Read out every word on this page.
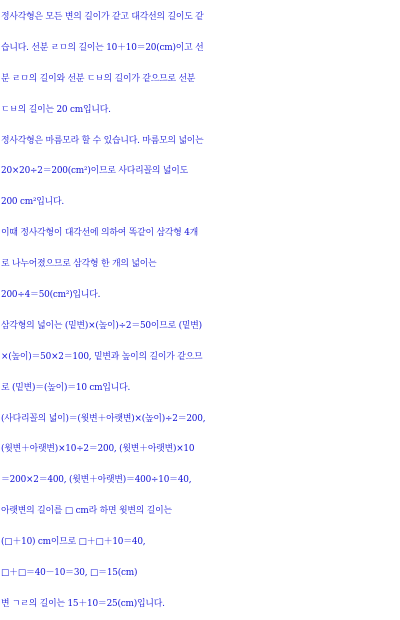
정사각형은 모든 변의 길이가 같고 대각선의 길이도 같
습니다. 선분 ㄹㅁ의 길이는 10＋10＝20(cm)이고 선
분 ㄹㅁ의 길이와 선분 ㄷㅂ의 길이가 같으므로 선분
ㄷㅂ의 길이는 20 cm입니다.
정사각형은 마름모라 할 수 있습니다. 마름모의 넓이는
20×20÷2＝200(cm²)이므로 사다리꼴의 넓이도
200 cm²입니다.
이때 정사각형이 대각선에 의하여 똑같이 삼각형 4개
로 나누어졌으므로 삼각형 한 개의 넓이는
200÷4＝50(cm²)입니다.
삼각형의 넓이는 (밑변)×(높이)÷2＝50이므로 (밑변)
×(높이)＝50×2＝100, 밑변과 높이의 길이가 같으므
로 (밑변)＝(높이)＝10 cm입니다.
(사다리꼴의 넓이)＝(윗변＋아랫변)×(높이)÷2＝200,
(윗변＋아랫변)×10÷2＝200, (윗변＋아랫변)×10
＝200×2＝400, (윗변＋아랫변)＝400÷10＝40,
아랫변의 길이를 □ cm라 하면 윗변의 길이는
(□＋10) cm이므로 □＋□＋10＝40,
□＋□＝40－10＝30, □＝15(cm)
변 ㄱㄹ의 길이는 15＋10＝25(cm)입니다.
